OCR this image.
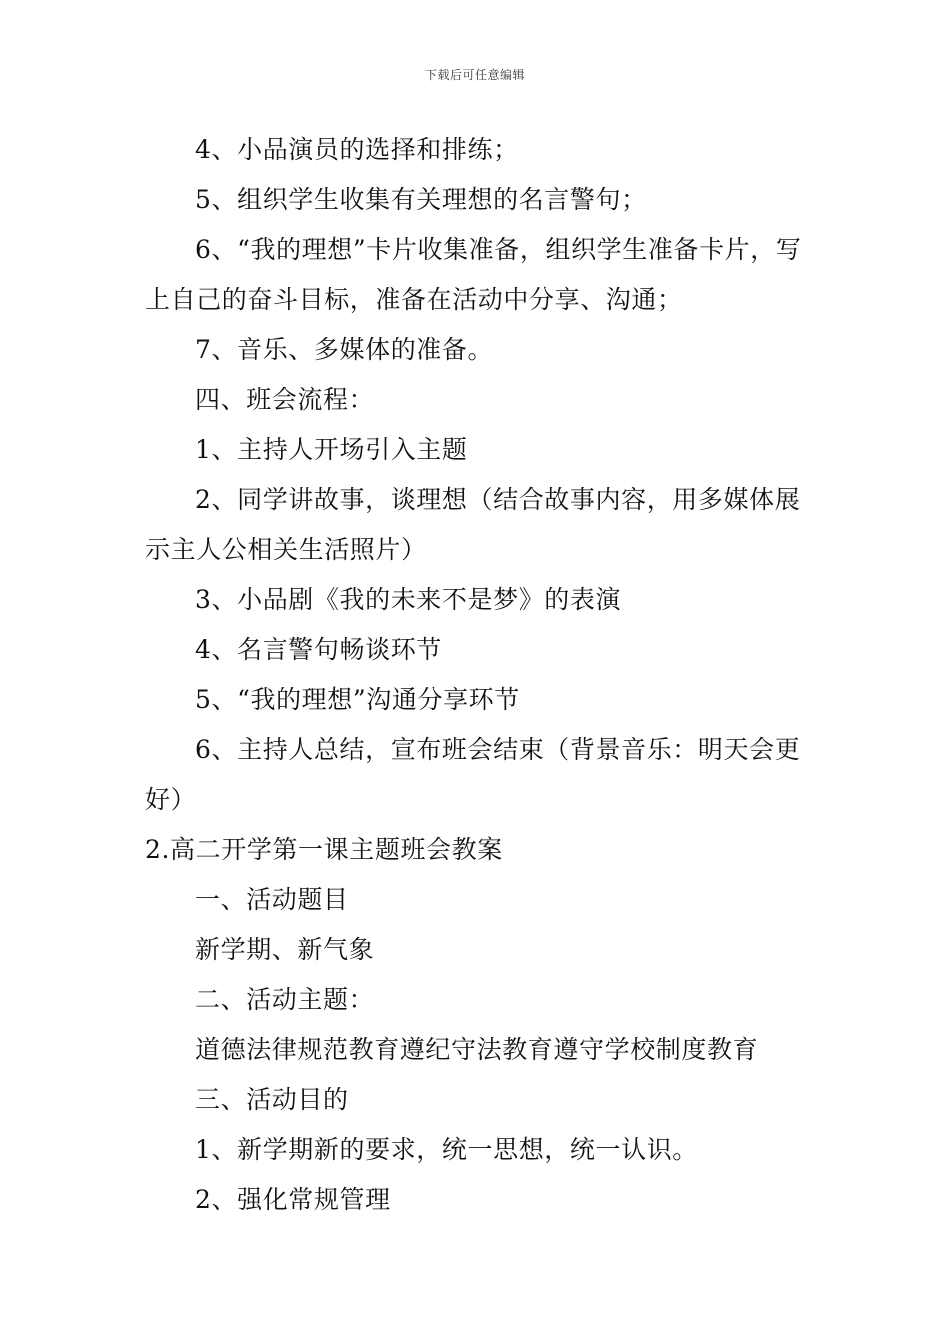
下载后可任意编辑

4、小品演员的选择和排练；

5、组织学生收集有关理想的名言警句；

6、“我的理想”卡片收集准备，组织学生准备卡片，写上自己的奋斗目标，准备在活动中分享、沟通；

7、音乐、多媒体的准备。

四、班会流程：

1、主持人开场引入主题

2、同学讲故事，谈理想（结合故事内容，用多媒体展示主人公相关生活照片）

3、小品剧《我的未来不是梦》的表演

4、名言警句畅谈环节

5、“我的理想”沟通分享环节

6、主持人总结，宣布班会结束（背景音乐：明天会更好）

2.高二开学第一课主题班会教案

一、活动题目

新学期、新气象

二、活动主题：

道德法律规范教育遵纪守法教育遵守学校制度教育

三、活动目的

1、新学期新的要求，统一思想，统一认识。

2、强化常规管理
